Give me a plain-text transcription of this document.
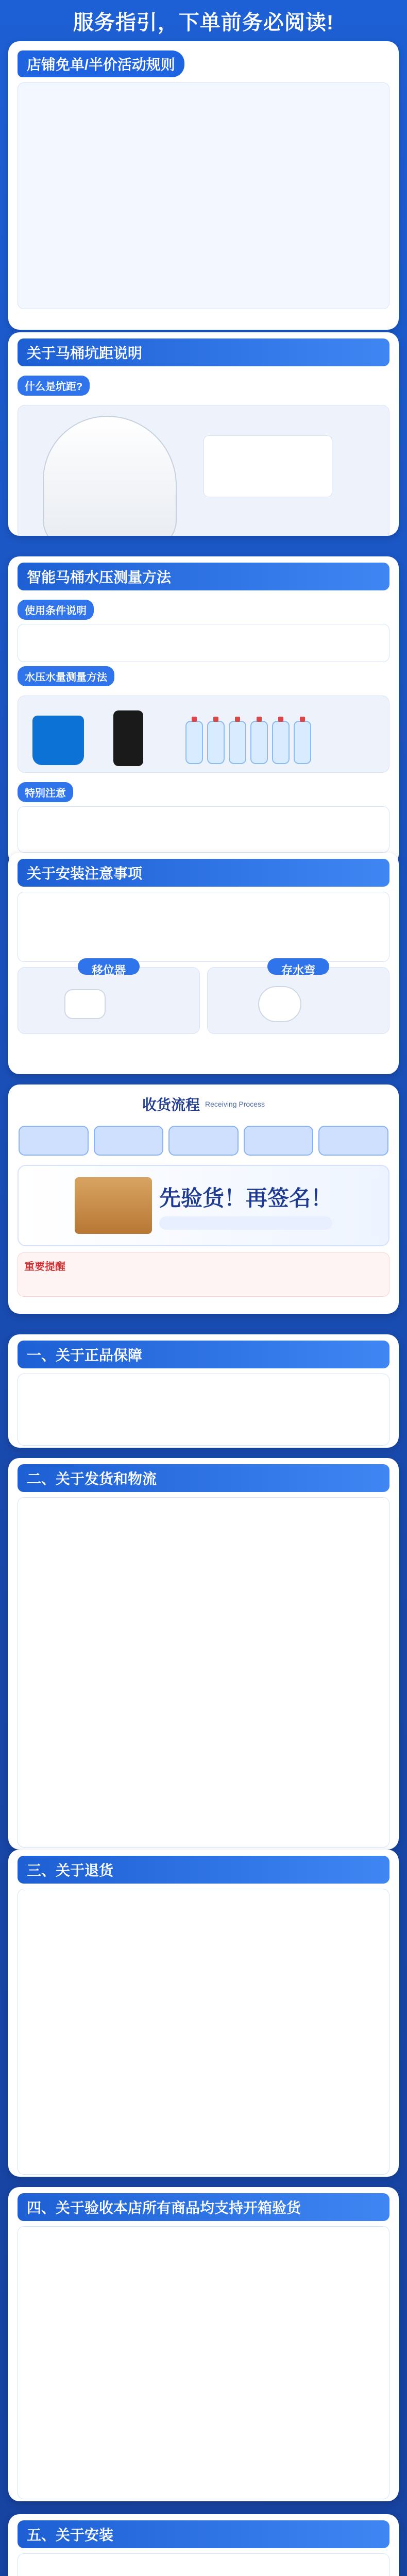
服务指引，下单前务必阅读!
店铺免单/半价活动规则
关于马桶坑距说明
什么是坑距?
智能马桶水压测量方法
使用条件说明
水压水量测量方法
特别注意
关于安装注意事项
移位器	存水弯
收货流程 Receiving Process
先验货！再签名！
重要提醒
一、关于正品保障
二、关于发货和物流
三、关于退货
四、关于验收本店所有商品均支持开箱验货
五、关于安装
